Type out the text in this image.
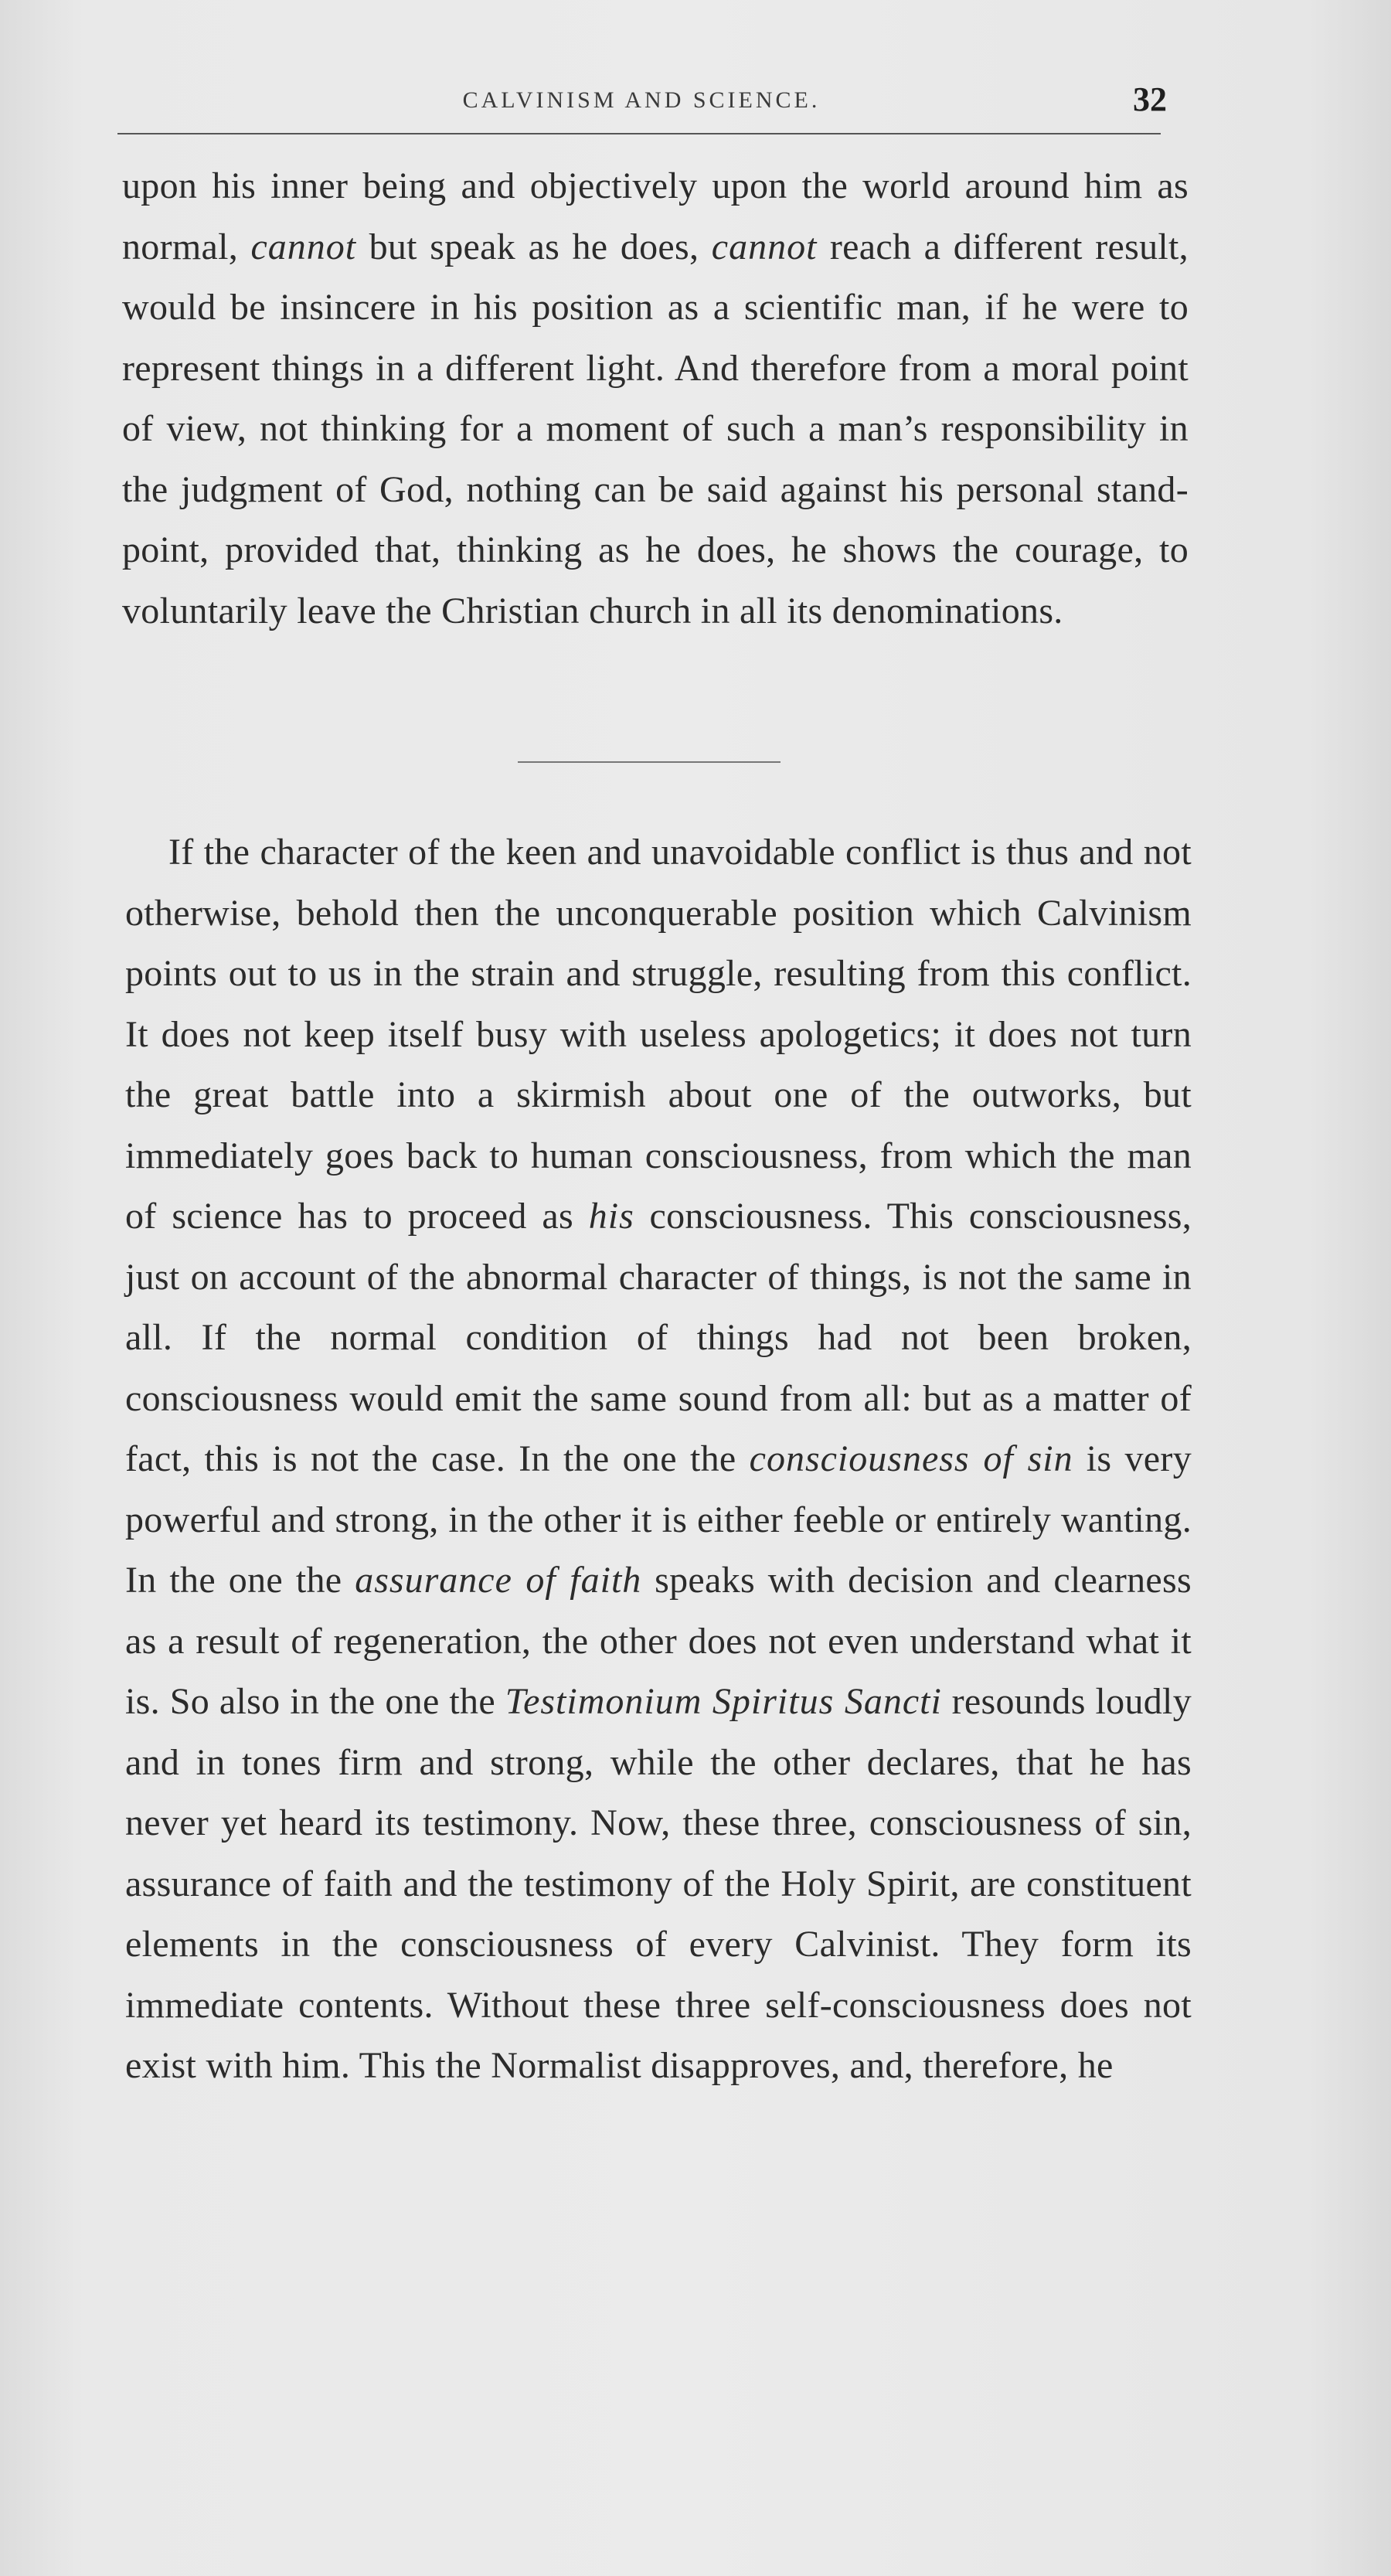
CALVINISM AND SCIENCE.	32

upon his inner being and objectively upon the world around him as normal, cannot but speak as he does, cannot reach a different result, would be insincere in his position as a scientific man, if he were to represent things in a different light. And therefore from a moral point of view, not thinking for a moment of such a man’s responsibility in the judgment of God, nothing can be said against his personal stand-point, provided that, thinking as he does, he shows the courage, to voluntarily leave the Christian church in all its denominations.

If the character of the keen and unavoidable conflict is thus and not otherwise, behold then the unconquerable position which Calvinism points out to us in the strain and struggle, resulting from this conflict. It does not keep itself busy with useless apologetics; it does not turn the great battle into a skirmish about one of the outworks, but immediately goes back to human consciousness, from which the man of science has to proceed as his consciousness. This consciousness, just on account of the abnormal character of things, is not the same in all. If the normal condition of things had not been broken, consciousness would emit the same sound from all: but as a matter of fact, this is not the case. In the one the consciousness of sin is very powerful and strong, in the other it is either feeble or entirely wanting. In the one the assurance of faith speaks with decision and clearness as a result of regeneration, the other does not even understand what it is. So also in the one the Testimonium Spiritus Sancti resounds loudly and in tones firm and strong, while the other declares, that he has never yet heard its testimony. Now, these three, consciousness of sin, assurance of faith and the testimony of the Holy Spirit, are constituent elements in the consciousness of every Calvinist. They form its immediate contents. Without these three self-consciousness does not exist with him. This the Normalist disapproves, and, therefore, he
